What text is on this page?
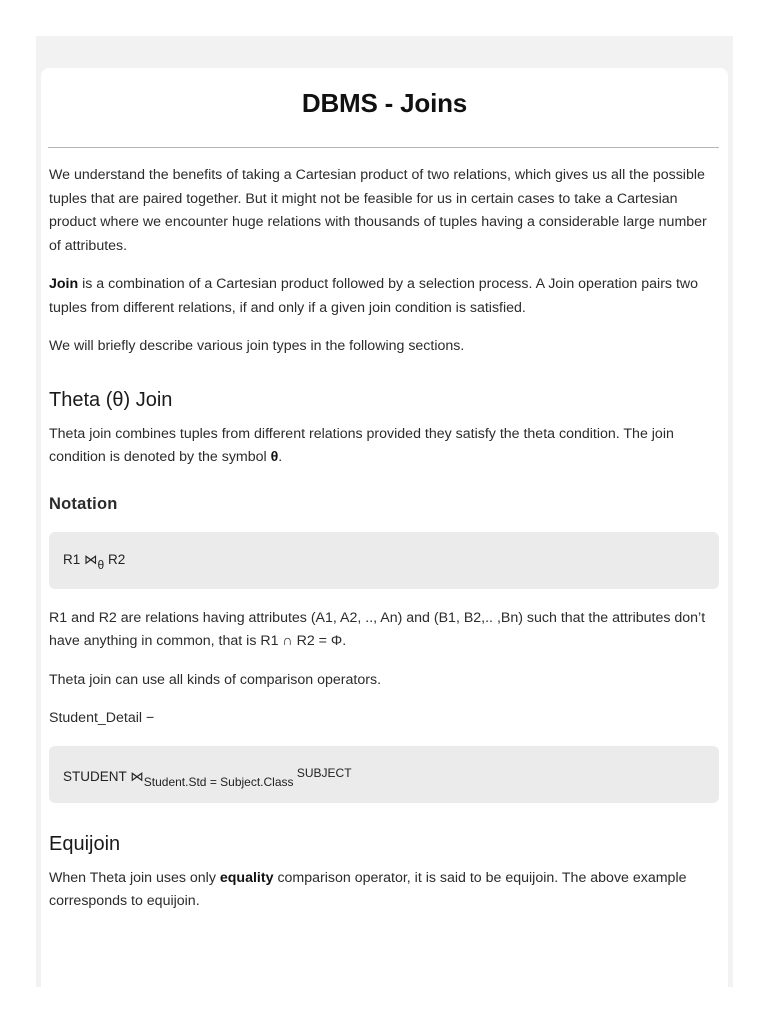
DBMS - Joins

We understand the benefits of taking a Cartesian product of two relations, which gives us all the possible tuples that are paired together. But it might not be feasible for us in certain cases to take a Cartesian product where we encounter huge relations with thousands of tuples having a considerable large number of attributes.

Join is a combination of a Cartesian product followed by a selection process. A Join operation pairs two tuples from different relations, if and only if a given join condition is satisfied.

We will briefly describe various join types in the following sections.

Theta (θ) Join

Theta join combines tuples from different relations provided they satisfy the theta condition. The join condition is denoted by the symbol θ.

Notation
R1 $⋈_\theta$ R2

R1 and R2 are relations having attributes (A1, A2, .., An) and (B1, B2,.. ,Bn) such that the attributes don’t have anything in common, that is R1 ∩ R2 = Φ.

Theta join can use all kinds of comparison operators.

Student_Detail −

STUDENT $⋈_{Student.Std = Subject.Class}$ $^{SUBJECT}$
Equijoin

When Theta join uses only equality comparison operator, it is said to be equijoin. The above example corresponds to equijoin.
